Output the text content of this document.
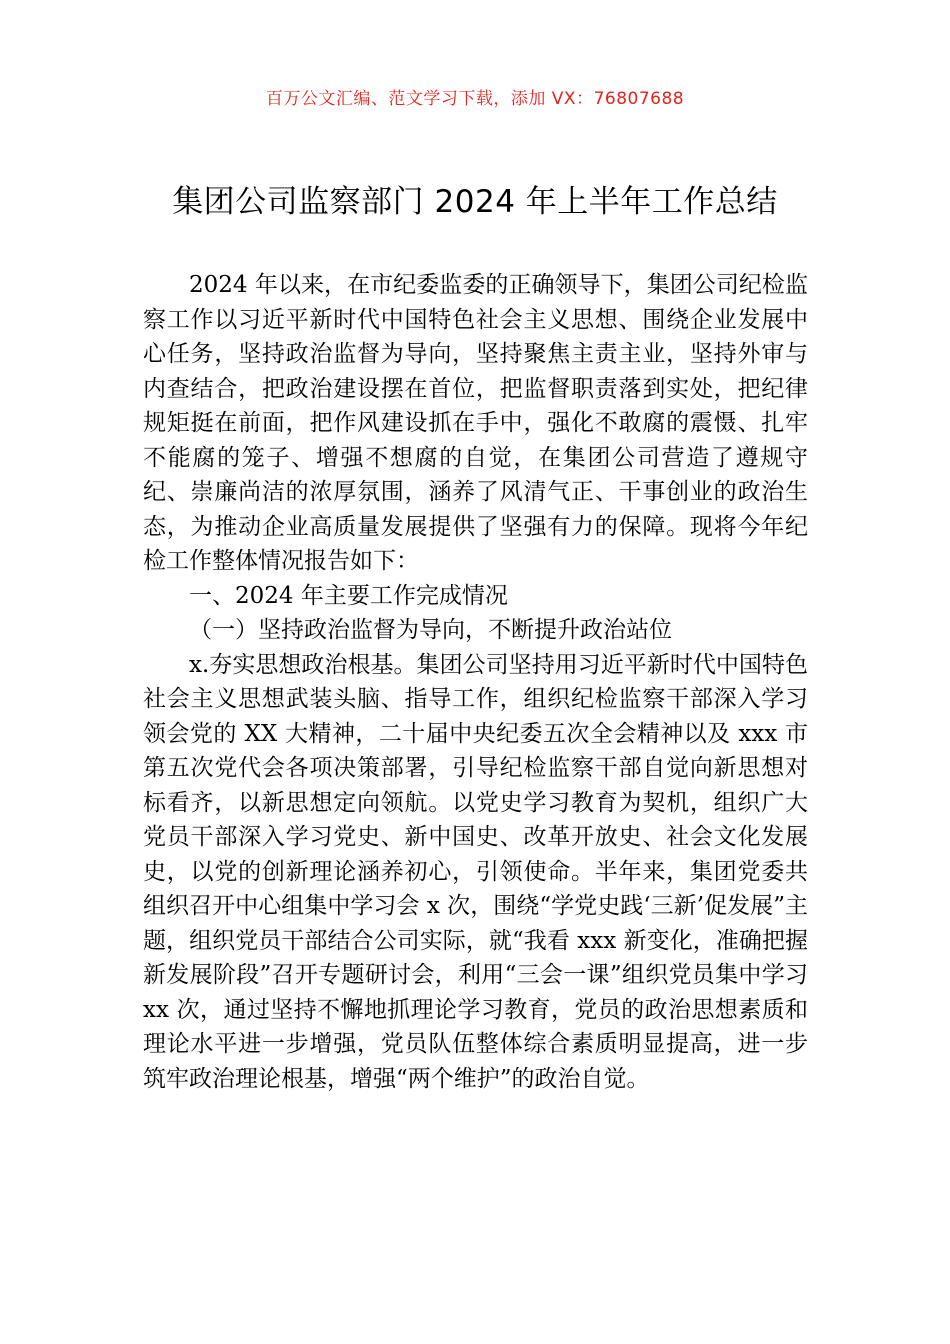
百万公文汇编、范文学习下载，添加 VX：76807688
集团公司监察部门 2024 年上半年工作总结

2024 年以来，在市纪委监委的正确领导下，集团公司纪检监察工作以习近平新时代中国特色社会主义思想、围绕企业发展中心任务，坚持政治监督为导向，坚持聚焦主责主业，坚持外审与内查结合，把政治建设摆在首位，把监督职责落到实处，把纪律规矩挺在前面，把作风建设抓在手中，强化不敢腐的震慑、扎牢不能腐的笼子、增强不想腐的自觉，在集团公司营造了遵规守纪、崇廉尚洁的浓厚氛围，涵养了风清气正、干事创业的政治生态，为推动企业高质量发展提供了坚强有力的保障。现将今年纪检工作整体情况报告如下：

一、2024 年主要工作完成情况

（一）坚持政治监督为导向，不断提升政治站位

x.夯实思想政治根基。集团公司坚持用习近平新时代中国特色社会主义思想武装头脑、指导工作，组织纪检监察干部深入学习领会党的 XX 大精神，二十届中央纪委五次全会精神以及 xxx 市第五次党代会各项决策部署，引导纪检监察干部自觉向新思想对标看齐，以新思想定向领航。以党史学习教育为契机，组织广大党员干部深入学习党史、新中国史、改革开放史、社会文化发展史，以党的创新理论涵养初心，引领使命。半年来，集团党委共组织召开中心组集中学习会 x 次，围绕“学党史践‘三新’促发展”主题，组织党员干部结合公司实际，就“我看 xxx 新变化，准确把握新发展阶段”召开专题研讨会，利用“三会一课”组织党员集中学习 xx 次，通过坚持不懈地抓理论学习教育，党员的政治思想素质和理论水平进一步增强，党员队伍整体综合素质明显提高，进一步筑牢政治理论根基，增强“两个维护”的政治自觉。
